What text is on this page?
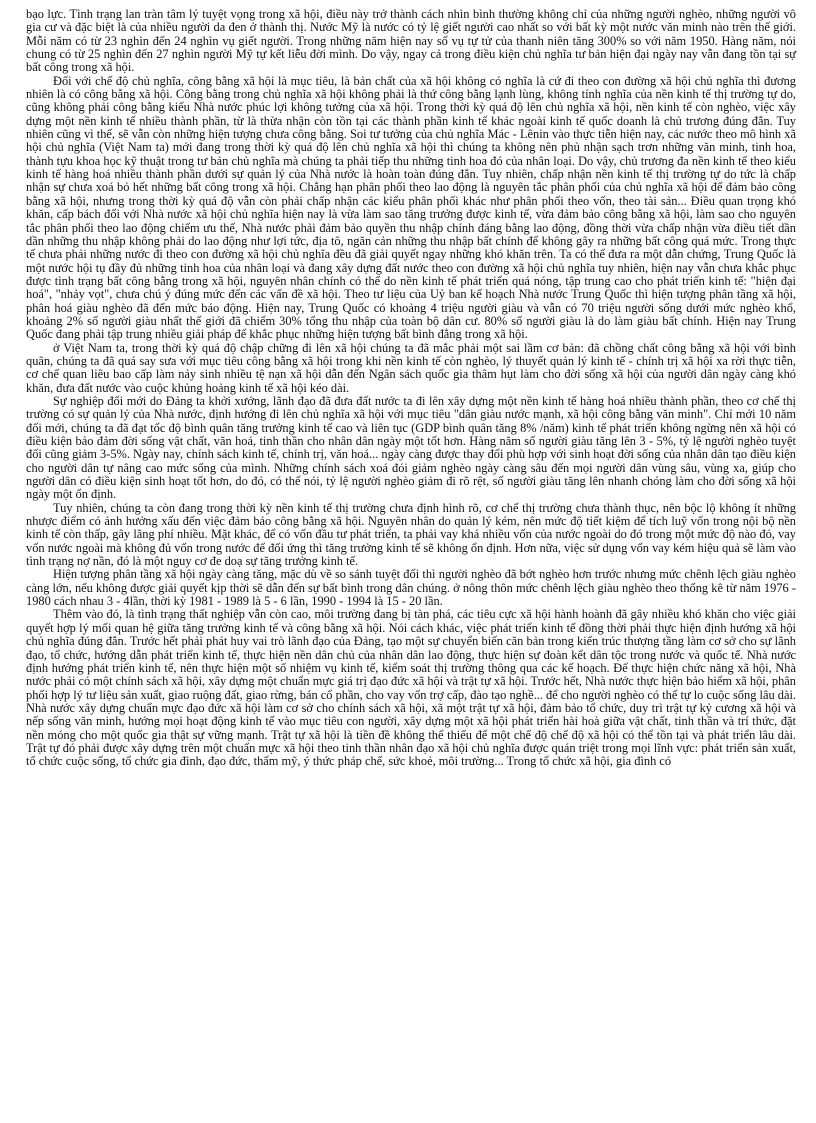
bạo lực. Tình trạng lan tràn tâm lý tuyệt vọng trong xã hội, điều này trở thành cách nhìn bình thường không chỉ của những người nghèo, những người vô gia cư và đặc biệt là của nhiều người da đen ở thành thị. Nước Mỹ là nước có tỷ lệ giết người cao nhất so với bất kỳ một nước văn minh nào trên thế giới. Mỗi năm có từ 23 nghìn đến 24 nghìn vụ giết người. Trong những năm hiện nay số vụ tự tử của thanh niên tăng 300% so với năm 1950. Hàng năm, nói chung có từ 25 nghìn đến 27 nghìn người Mỹ tự kết liễu đời mình. Do vậy, ngay cả trong điều kiện chủ nghĩa tư bản hiện đại ngày nay vẫn đang tồn tại sự bất công trong xã hội.

Đối với chế độ chủ nghĩa, công bằng xã hội là mục tiêu, là bản chất của xã hội không có nghĩa là cứ đi theo con đường xã hội chủ nghĩa thì đương nhiên là có công bằng xã hội. Công bằng trong chủ nghĩa xã hội không phải là thứ công bằng lạnh lùng, không tính nghĩa của nền kinh tế thị trường tự do, cũng không phải công bằng kiểu Nhà nước phúc lợi không tưởng của xã hội. Trong thời kỳ quá độ lên chủ nghĩa xã hội, nền kinh tế còn nghèo, việc xây dựng một nền kinh tế nhiều thành phần, từ là thừa nhận còn tồn tại các thành phần kinh tế khác ngoài kinh tế quốc doanh là chủ trương đúng đắn. Tuy nhiên cũng vì thế, sẽ vẫn còn những hiện tượng chưa công bằng. Soi tư tưởng của chủ nghĩa Mác - Lênin vào thực tiễn hiện nay, các nước theo mô hình xã hội chủ nghĩa (Việt Nam ta) mới đang trong thời kỳ quá độ lên chủ nghĩa xã hội thì chúng ta không nên phủ nhận sạch trơn những văn minh, tinh hoa, thành tựu khoa học kỹ thuật trong tư bản chủ nghĩa mà chúng ta phải tiếp thu những tinh hoa đó của nhân loại. Do vậy, chủ trương đa nền kinh tế theo kiểu kinh tế hàng hoá nhiều thành phần dưới sự quản lý của Nhà nước là hoàn toàn đúng đắn. Tuy nhiên, chấp nhận nền kinh tế thị trường tự do tức là chấp nhận sự chưa xoá bỏ hết những bất công trong xã hội. Chẳng hạn phân phối theo lao động là nguyên tắc phân phối của chủ nghĩa xã hội để đảm bảo công bằng xã hội, nhưng trong thời kỳ quá độ vẫn còn phải chấp nhận các kiểu phân phối khác như phân phối theo vốn, theo tài sản... Điều quan trọng khó khăn, cấp bách đối với Nhà nước xã hội chủ nghĩa hiện nay là vừa làm sao tăng trưởng được kinh tế, vừa đảm bảo công bằng xã hội, làm sao cho nguyên tắc phân phối theo lao động chiếm ưu thế, Nhà nước phải đảm bảo quyền thu nhập chính đáng bằng lao động, đồng thời vừa chấp nhận vừa điều tiết dần dần những thu nhập không phải do lao động như lợi tức, địa tô, ngăn cản những thu nhập bất chính để không gây ra những bất công quá mức. Trong thực tế chưa phải những nước đi theo con đường xã hội chủ nghĩa đều đã giải quyết ngay những khó khăn trên. Ta có thể đưa ra một dẫn chứng, Trung Quốc là một nước hội tụ đầy đủ những tinh hoa của nhân loại và đang xây dựng đất nước theo con đường xã hội chủ nghĩa tuy nhiên, hiện nay vẫn chưa khắc phục được tình trạng bất công bằng trong xã hội, nguyên nhân chính có thể do nền kinh tế phát triển quá nóng, tập trung cao cho phát triển kinh tế: "hiện đại hoá", "nhảy vọt", chưa chú ý đúng mức đến các vấn đề xã hội. Theo tư liệu của Uỷ ban kế hoạch Nhà nước Trung Quốc thì hiện tượng phân tầng xã hội, phân hoá giàu nghèo đã đến mức báo động. Hiện nay, Trung Quốc có khoảng 4 triệu người giàu và vẫn có 70 triệu người sống dưới mức nghèo khổ, khoảng 2% số người giàu nhất thế giới đã chiếm 30% tổng thu nhập của toàn bộ dân cư. 80% số người giàu là do làm giàu bất chính. Hiện nay Trung Quốc đang phải tập trung nhiều giải pháp để khắc phục những hiện tượng bất bình đẳng trong xã hội.

ở Việt Nam ta, trong thời kỳ quá độ chập chững đi lên xã hội chúng ta đã mắc phải một sai lầm cơ bản: đã chồng chất công bằng xã hội với bình quân, chúng ta đã quá say sưa với mục tiêu công bằng xã hội trong khi nền kinh tế còn nghèo, lý thuyết quản lý kinh tế - chính trị xã hội xa rời thực tiễn, cơ chế quan liêu bao cấp làm nảy sinh nhiều tệ nạn xã hội dẫn đến Ngân sách quốc gia thâm hụt làm cho đời sống xã hội của người dân ngày càng khó khăn, đưa đất nước vào cuộc khủng hoảng kinh tế xã hội kéo dài.

Sự nghiệp đổi mới do Đảng ta khởi xướng, lãnh đạo đã đưa đất nước ta đi lên xây dựng một nền kinh tế hàng hoá nhiều thành phần, theo cơ chế thị trường có sự quản lý của Nhà nước, định hướng đi lên chủ nghĩa xã hội với mục tiêu "dân giàu nước mạnh, xã hội công bằng văn minh". Chỉ mới 10 năm đổi mới, chúng ta đã đạt tốc độ bình quân tăng trưởng kinh tế cao và liên tục (GDP bình quân tăng 8% /năm) kinh tế phát triển không ngừng nên xã hội có điều kiện bảo đảm đời sống vật chất, văn hoá, tinh thần cho nhân dân ngày một tốt hơn. Hàng năm số người giàu tăng lên 3 - 5%, tỷ lệ người nghèo tuyệt đối cũng giảm 3-5%. Ngày nay, chính sách kinh tế, chính trị, văn hoá... ngày càng được thay đổi phù hợp với sinh hoạt đời sống của nhân dân tạo điều kiện cho người dân tự nâng cao mức sống của mình. Những chính sách xoá đói giảm nghèo ngày càng sâu đến mọi người dân vùng sâu, vùng xa, giúp cho người dân có điều kiện sinh hoạt tốt hơn, do đó, có thể nói, tỷ lệ người nghèo giảm đi rõ rệt, số người giàu tăng lên nhanh chóng làm cho đời sống xã hội ngày một ổn định.

Tuy nhiên, chúng ta còn đang trong thời kỳ nền kinh tế thị trường chưa định hình rõ, cơ chế thị trường chưa thành thục, nên bộc lộ không ít những nhược điểm có ảnh hưởng xấu đến việc đảm bảo công bằng xã hội. Nguyên nhân do quản lý kém, nên mức độ tiết kiệm để tích luỹ vốn trong nội bộ nền kinh tế còn thấp, gây lãng phí nhiều. Mặt khác, để có vốn đầu tư phát triển, ta phải vay khá nhiều vốn của nước ngoài do đó trong một mức độ nào đó, vay vốn nước ngoài mà không đủ vốn trong nước để đối ứng thì tăng trưởng kinh tế sẽ không ổn định. Hơn nữa, việc sử dụng vốn vay kém hiệu quả sẽ làm vào tình trạng nợ nần, đó là một nguy cơ đe doạ sự tăng trưởng kinh tế.

Hiện tượng phân tầng xã hội ngày càng tăng, mặc dù về so sánh tuyệt đối thì người nghèo đã bớt nghèo hơn trước nhưng mức chênh lệch giàu nghèo càng lớn, nếu không được giải quyết kịp thời sẽ dẫn đến sự bất bình trong dân chúng. ở nông thôn mức chênh lệch giàu nghèo theo thống kê từ năm 1976 - 1980 cách nhau 3 - 4lần, thời kỳ 1981 - 1989 là 5 - 6 lần, 1990 - 1994 là 15 - 20 lần.

Thêm vào đó, là tình trạng thất nghiệp vẫn còn cao, môi trường đang bị tàn phá, các tiêu cực xã hội hành hoành đã gây nhiều khó khăn cho việc giải quyết hợp lý mối quan hệ giữa tăng trưởng kinh tế và công bằng xã hội. Nói cách khác, việc phát triển kinh tế đồng thời phải thực hiện định hướng xã hội chủ nghĩa đúng đắn. Trước hết phải phát huy vai trò lãnh đạo của Đảng, tạo một sự chuyển biến căn bản trong kiến trúc thượng tầng làm cơ sở cho sự lãnh đạo, tổ chức, hướng dẫn phát triển kinh tế, thực hiện nền dân chủ của nhân dân lao động, thực hiện sự đoàn kết dân tộc trong nước và quốc tế. Nhà nước định hướng phát triển kinh tế, nên thực hiện một số nhiệm vụ kinh tế, kiểm soát thị trường thông qua các kế hoạch. Để thực hiện chức năng xã hội, Nhà nước phải có một chính sách xã hội, xây dựng một chuẩn mực giá trị đạo đức xã hội và trật tự xã hội. Trước hết, Nhà nước thực hiện bảo hiểm xã hội, phân phối hợp lý tư liệu sản xuất, giao ruộng đất, giao rừng, bán cổ phần, cho vay vốn trợ cấp, đào tạo nghề... để cho người nghèo có thể tự lo cuộc sống lâu dài. Nhà nước xây dựng chuẩn mực đạo đức xã hội làm cơ sở cho chính sách xã hội, xã một trật tự xã hội, đảm bảo tổ chức, duy trì trật tự kỷ cương xã hội và nếp sống văn minh, hướng mọi hoạt động kinh tế vào mục tiêu con người, xây dựng một xã hội phát triển hài hoà giữa vật chất, tinh thần và trí thức, đặt nền móng cho một quốc gia thật sự vững mạnh. Trật tự xã hội là tiền đề không thể thiếu để một chế độ chế độ xã hội có thể tồn tại và phát triển lâu dài. Trật tự đó phải được xây dựng trên một chuẩn mực xã hội theo tinh thần nhân đạo xã hội chủ nghĩa được quán triệt trong mọi lĩnh vực: phát triển sản xuất, tổ chức cuộc sống, tổ chức gia đình, đạo đức, thẩm mỹ, ý thức pháp chế, sức khoẻ, môi trường... Trong tổ chức xã hội, gia đình có
